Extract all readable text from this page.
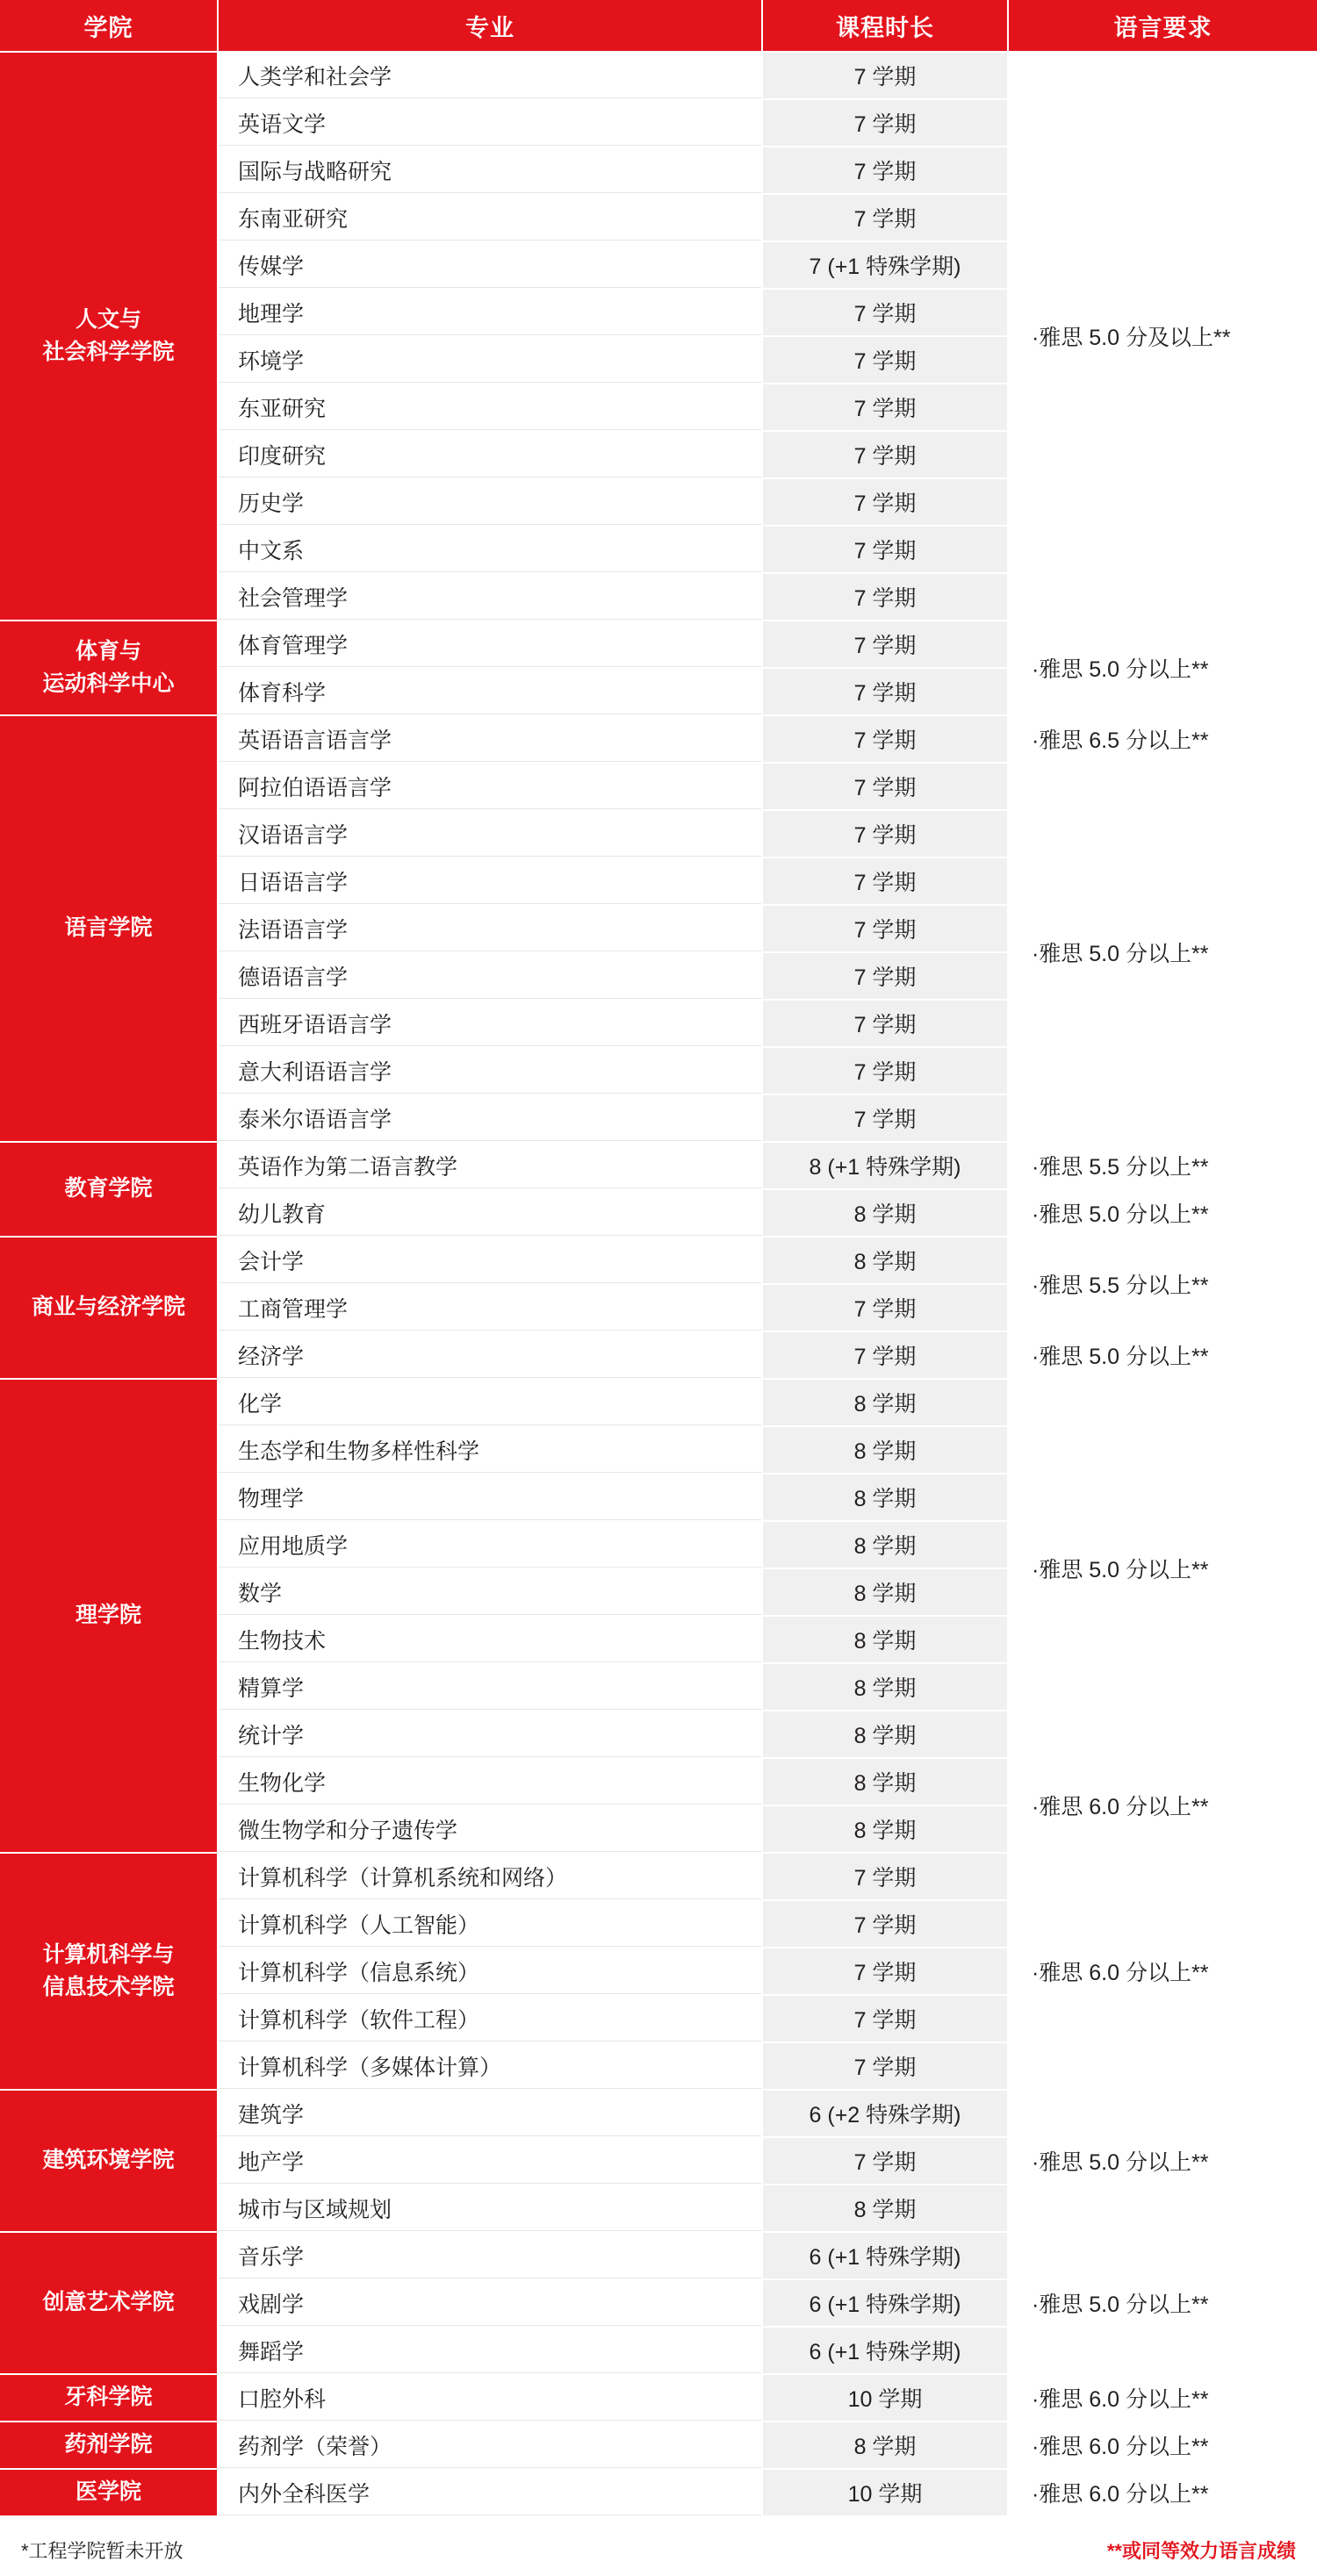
学院	专业	课程时长	语言要求
人文与
社会科学学院	人类学和社会学	7 学期	·雅思 5.0 分及以上**
	英语文学	7 学期	
	国际与战略研究	7 学期	
	东南亚研究	7 学期	
	传媒学	7 (+1 特殊学期)	
	地理学	7 学期	
	环境学	7 学期	
	东亚研究	7 学期	
	印度研究	7 学期	
	历史学	7 学期	
	中文系	7 学期	
	社会管理学	7 学期	
体育与
运动科学中心	体育管理学	7 学期	·雅思 5.0 分以上**
	体育科学	7 学期	
语言学院	英语语言语言学	7 学期	·雅思 6.5 分以上**
	阿拉伯语语言学	7 学期	·雅思 5.0 分以上**
	汉语语言学	7 学期	
	日语语言学	7 学期	
	法语语言学	7 学期	
	德语语言学	7 学期	
	西班牙语语言学	7 学期	
	意大利语语言学	7 学期	
	泰米尔语语言学	7 学期	
教育学院	英语作为第二语言教学	8 (+1 特殊学期)	·雅思 5.5 分以上**
	幼儿教育	8 学期	·雅思 5.0 分以上**
商业与经济学院	会计学	8 学期	·雅思 5.5 分以上**
	工商管理学	7 学期	
	经济学	7 学期	·雅思 5.0 分以上**
理学院	化学	8 学期	·雅思 5.0 分以上**
	生态学和生物多样性科学	8 学期	
	物理学	8 学期	
	应用地质学	8 学期	
	数学	8 学期	
	生物技术	8 学期	
	精算学	8 学期	
	统计学	8 学期	
	生物化学	8 学期	·雅思 6.0 分以上**
	微生物学和分子遗传学	8 学期	
计算机科学与
信息技术学院	计算机科学（计算机系统和网络）	7 学期	·雅思 6.0 分以上**
	计算机科学（人工智能）	7 学期	
	计算机科学（信息系统）	7 学期	
	计算机科学（软件工程）	7 学期	
	计算机科学（多媒体计算）	7 学期	
建筑环境学院	建筑学	6 (+2 特殊学期)	·雅思 5.0 分以上**
	地产学	7 学期	
	城市与区域规划	8 学期	
创意艺术学院	音乐学	6 (+1 特殊学期)	·雅思 5.0 分以上**
	戏剧学	6 (+1 特殊学期)	
	舞蹈学	6 (+1 特殊学期)	
牙科学院	口腔外科	10 学期	·雅思 6.0 分以上**
药剂学院	药剂学（荣誉）	8 学期	·雅思 6.0 分以上**
医学院	内外全科医学	10 学期	·雅思 6.0 分以上**
*工程学院暂未开放	**或同等效力语言成绩
